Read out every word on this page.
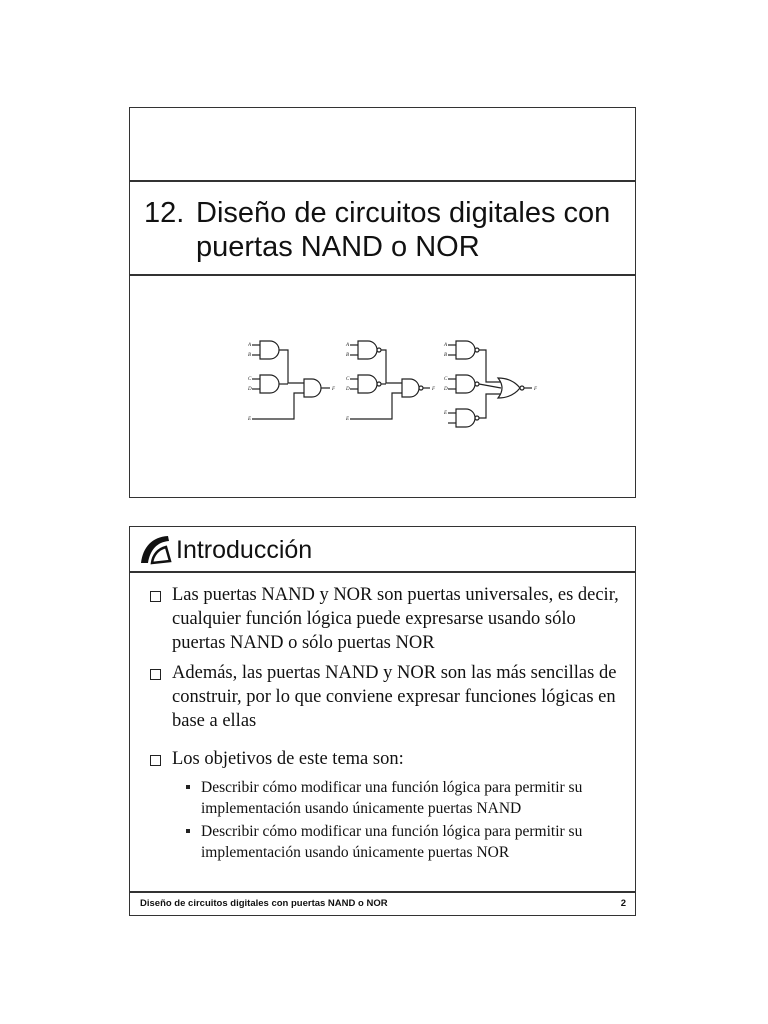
12. Diseño de circuitos digitales con puertas NAND o NOR
A
B
C
D
E
F
A
B
C
D
E
F
A
B
C
D
E
F
Introducción
Las puertas NAND y NOR son puertas universales, es decir, cualquier función lógica puede expresarse usando sólo puertas NAND o sólo puertas NOR
Además, las puertas NAND y NOR son las más sencillas de construir, por lo que conviene expresar funciones lógicas en base a ellas
Los objetivos de este tema son:
Describir cómo modificar una función lógica para permitir su implementación usando únicamente puertas NAND
Describir cómo modificar una función lógica para permitir su implementación usando únicamente puertas NOR
Diseño de circuitos digitales con puertas NAND o NOR	2
